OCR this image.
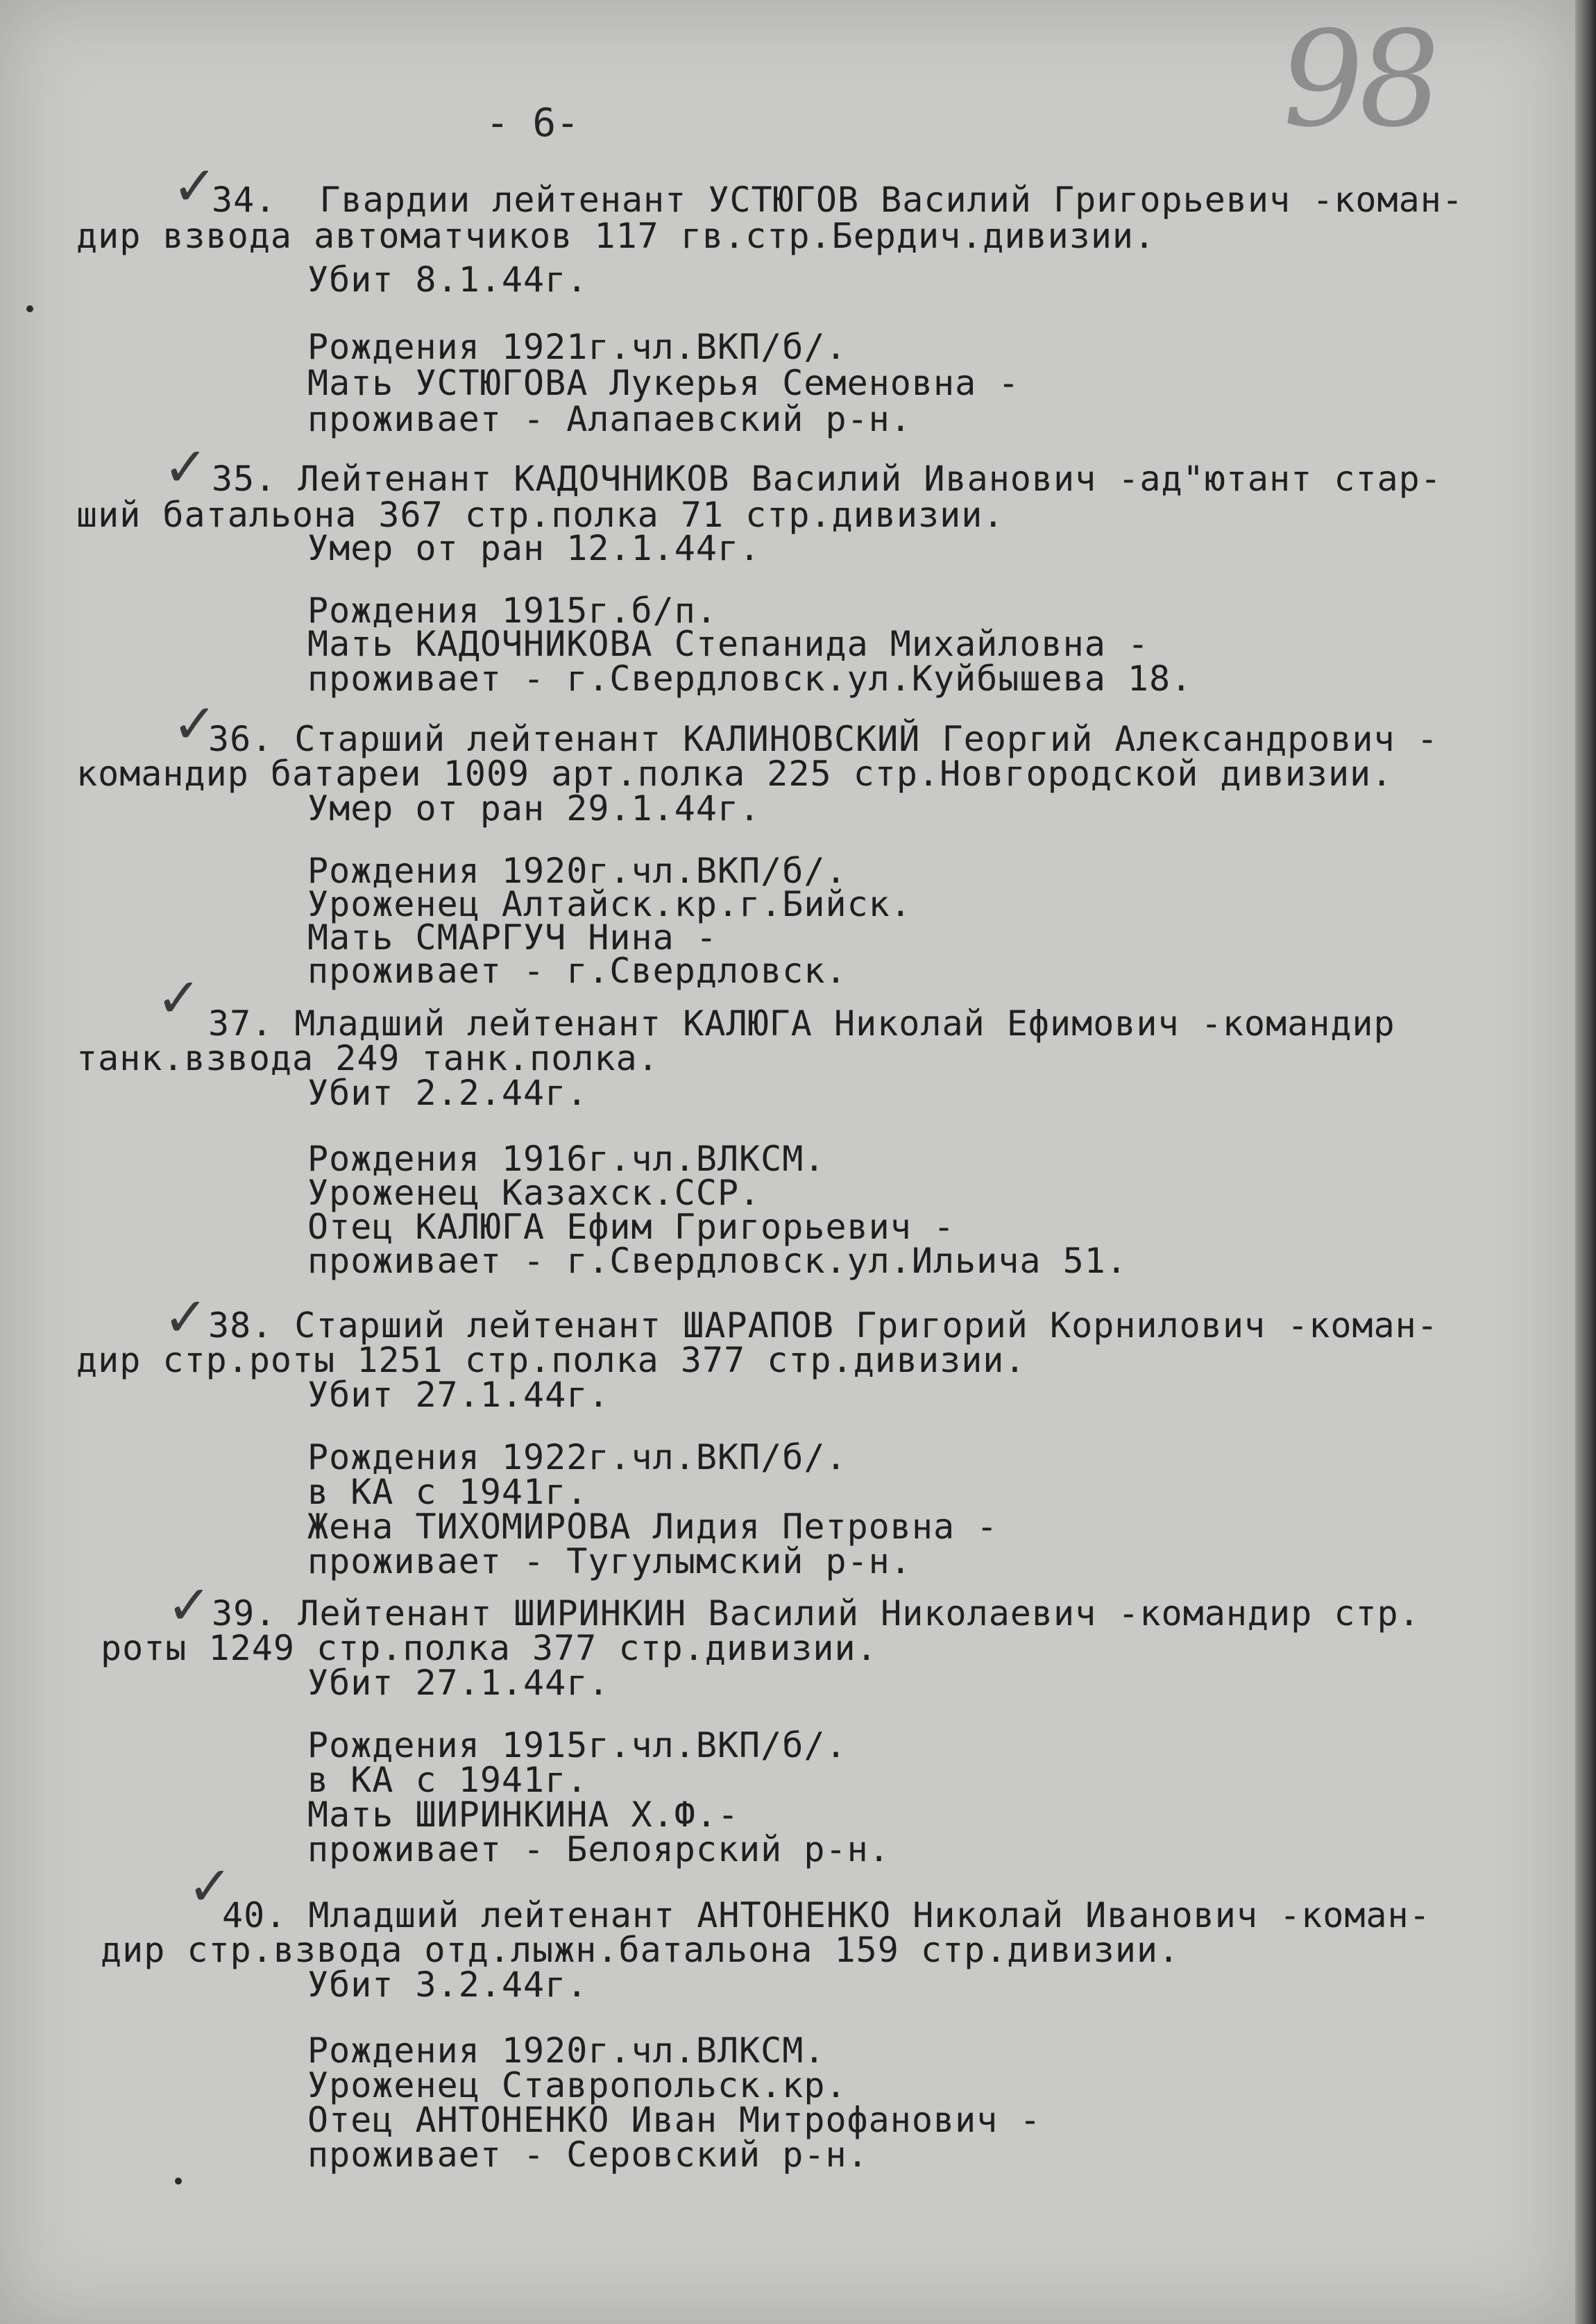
98
- 6-
✓
34.  Гвардии лейтенант УСТЮГОВ Василий Григорьевич -коман-
дир взвода автоматчиков 117 гв.стр.Бердич.дивизии.
Убит 8.1.44г.
Рождения 1921г.чл.ВКП/б/.
Мать УСТЮГОВА Лукерья Семеновна -
проживает - Алапаевский р-н.
✓ 35. Лейтенант КАДОЧНИКОВ Василий Иванович -ад"ютант стар-
ший батальона 367 стр.полка 71 стр.дивизии.
Умер от ран 12.1.44г.
Рождения 1915г.б/п.
Мать КАДОЧНИКОВА Степанида Михайловна -
проживает - г.Свердловск.ул.Куйбышева 18.
✓
36. Старший лейтенант КАЛИНОВСКИЙ Георгий Александрович -
командир батареи 1009 арт.полка 225 стр.Новгородской дивизии.
Умер от ран 29.1.44г.
Рождения 1920г.чл.ВКП/б/.
Уроженец Алтайск.кр.г.Бийск.
Мать СМАРГУЧ Нина -
проживает - г.Свердловск.
✓ 37. Младший лейтенант КАЛЮГА Николай Ефимович -командир
танк.взвода 249 танк.полка.
Убит 2.2.44г.
Рождения 1916г.чл.ВЛКСМ.
Уроженец Казахск.ССР.
Отец КАЛЮГА Ефим Григорьевич -
проживает - г.Свердловск.ул.Ильича 51.
✓ 38. Старший лейтенант ШАРАПОВ Григорий Корнилович -коман-
дир стр.роты 1251 стр.полка 377 стр.дивизии.
Убит 27.1.44г.
Рождения 1922г.чл.ВКП/б/.
в КА с 1941г.
Жена ТИХОМИРОВА Лидия Петровна -
проживает - Тугулымский р-н.
✓ 39. Лейтенант ШИРИНКИН Василий Николаевич -командир стр.
роты 1249 стр.полка 377 стр.дивизии.
Убит 27.1.44г.
Рождения 1915г.чл.ВКП/б/.
в КА с 1941г.
Мать ШИРИНКИНА Х.Ф.-
проживает - Белоярский р-н.
✓
40. Младший лейтенант АНТОНЕНКО Николай Иванович -коман-
дир стр.взвода отд.лыжн.батальона 159 стр.дивизии.
Убит 3.2.44г.
Рождения 1920г.чл.ВЛКСМ.
Уроженец Ставропольск.кр.
Отец АНТОНЕНКО Иван Митрофанович -
проживает - Серовский р-н.
